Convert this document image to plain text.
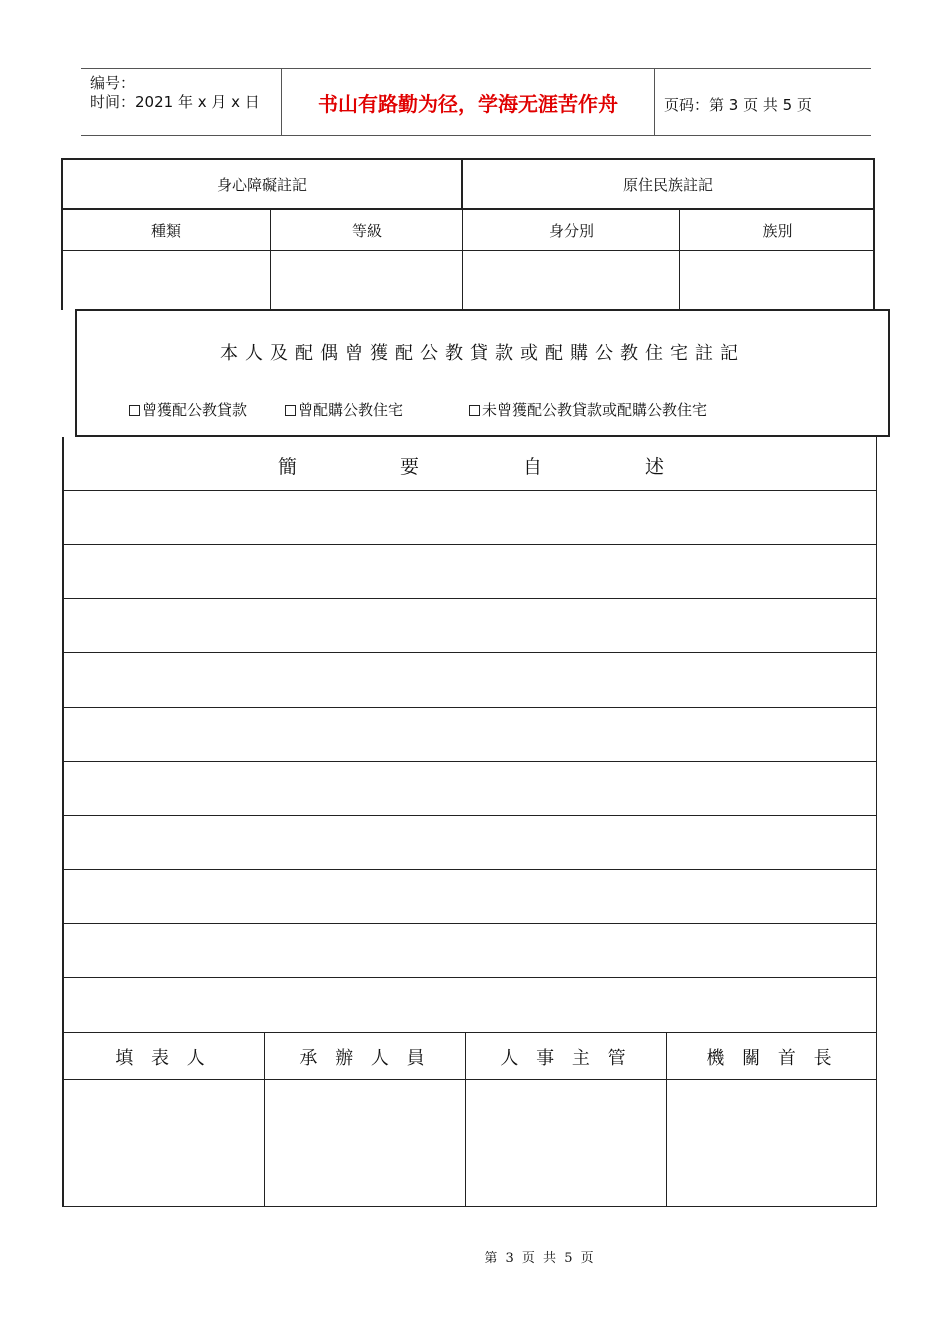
编号：
时间：2021 年 x 月 x 日	书山有路勤为径，学海无涯苦作舟	页码：第 3 页 共 5 页
身心障礙註記	原住民族註記
種類	等級	身分別	族別
本人及配偶曾獲配公教貸款或配購公教住宅註記
曾獲配公教貸款	曾配購公教住宅	未曾獲配公教貸款或配購公教住宅
簡	要	自	述
填 表 人	承 辦 人 員	人 事 主 管	機 關 首 長
第 3 页 共 5 页
